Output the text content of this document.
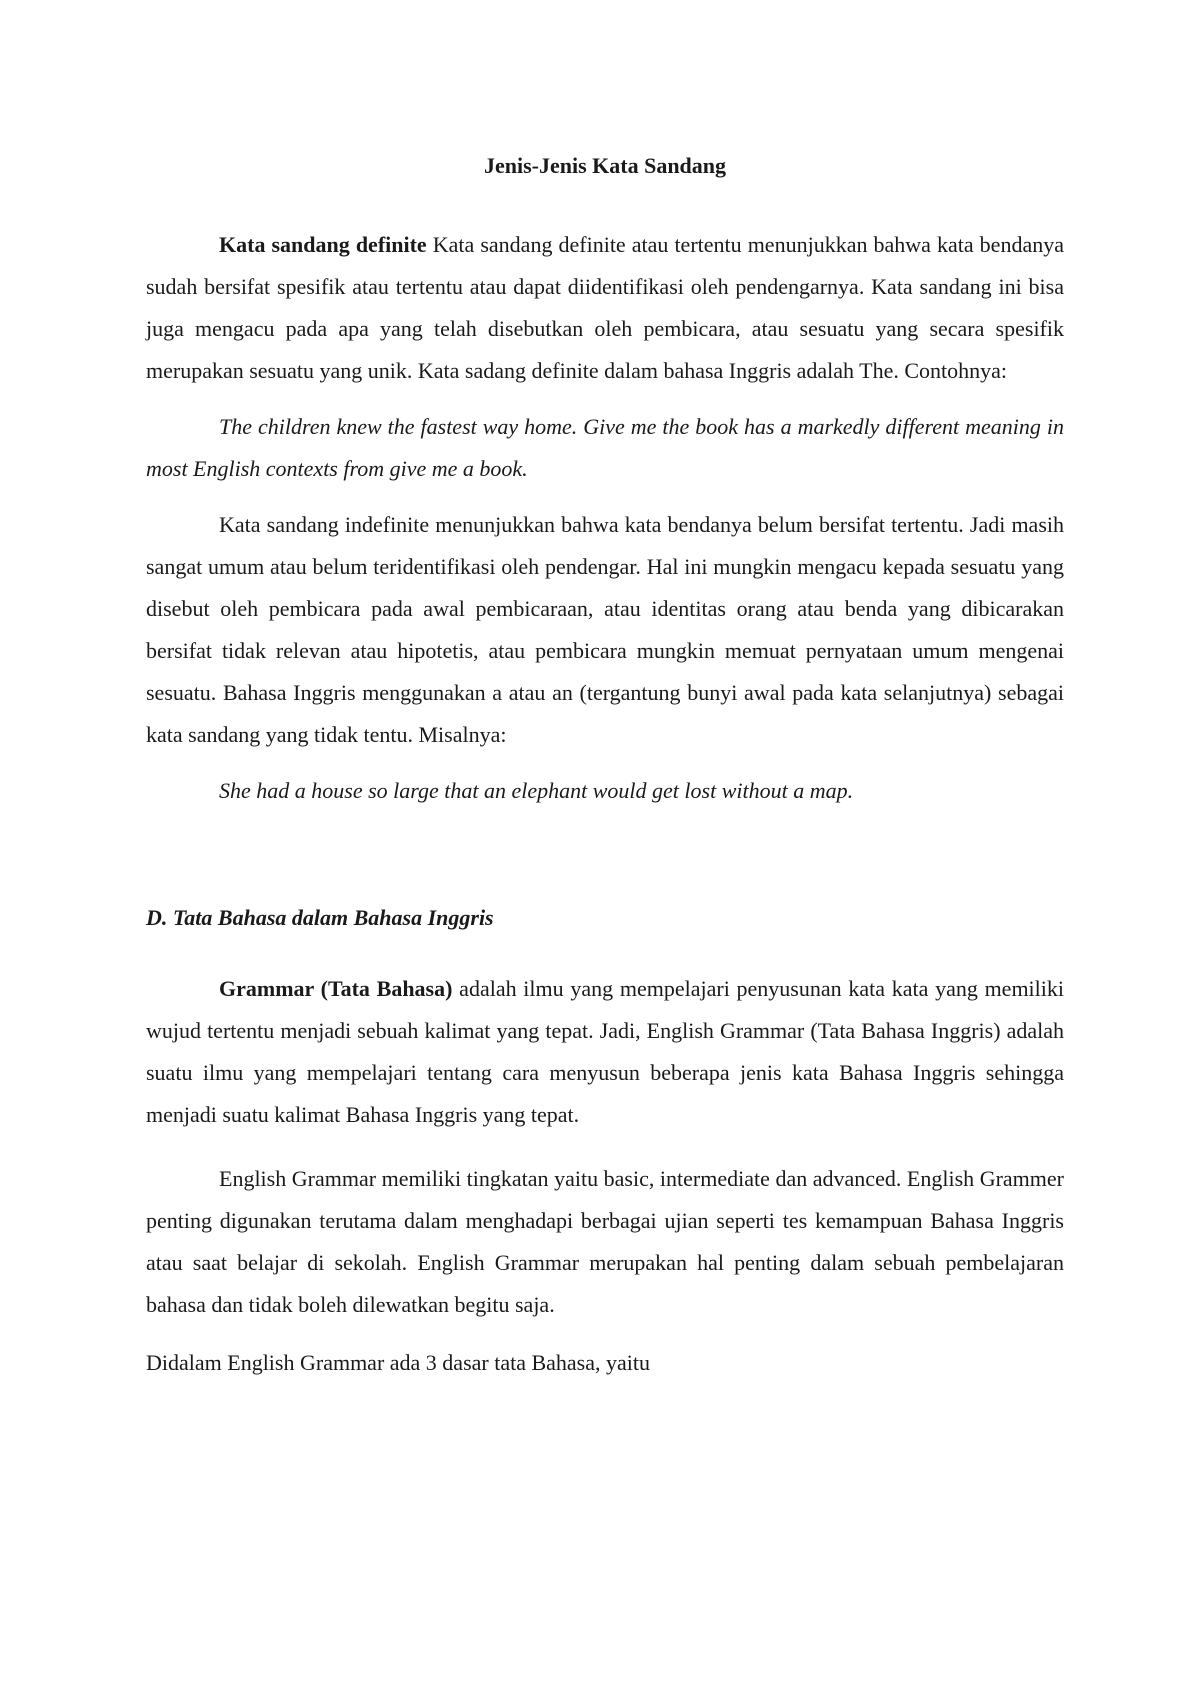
Jenis-Jenis Kata Sandang

Kata sandang definite Kata sandang definite atau tertentu menunjukkan bahwa kata bendanya sudah bersifat spesifik atau tertentu atau dapat diidentifikasi oleh pendengarnya. Kata sandang ini bisa juga mengacu pada apa yang telah disebutkan oleh pembicara, atau sesuatu yang secara spesifik merupakan sesuatu yang unik. Kata sadang definite dalam bahasa Inggris adalah The. Contohnya:

The children knew the fastest way home. Give me the book has a markedly different meaning in most English contexts from give me a book.

Kata sandang indefinite menunjukkan bahwa kata bendanya belum bersifat tertentu. Jadi masih sangat umum atau belum teridentifikasi oleh pendengar. Hal ini mungkin mengacu kepada sesuatu yang disebut oleh pembicara pada awal pembicaraan, atau identitas orang atau benda yang dibicarakan bersifat tidak relevan atau hipotetis, atau pembicara mungkin memuat pernyataan umum mengenai sesuatu. Bahasa Inggris menggunakan a atau an (tergantung bunyi awal pada kata selanjutnya) sebagai kata sandang yang tidak tentu. Misalnya:

She had a house so large that an elephant would get lost without a map.

D. Tata Bahasa dalam Bahasa Inggris

Grammar (Tata Bahasa) adalah ilmu yang mempelajari penyusunan kata kata yang memiliki wujud tertentu menjadi sebuah kalimat yang tepat. Jadi, English Grammar (Tata Bahasa Inggris) adalah suatu ilmu yang mempelajari tentang cara menyusun beberapa jenis kata Bahasa Inggris sehingga menjadi suatu kalimat Bahasa Inggris yang tepat.

English Grammar memiliki tingkatan yaitu basic, intermediate dan advanced. English Grammer penting digunakan terutama dalam menghadapi berbagai ujian seperti tes kemampuan Bahasa Inggris atau saat belajar di sekolah. English Grammar merupakan hal penting dalam sebuah pembelajaran bahasa dan tidak boleh dilewatkan begitu saja.

Didalam English Grammar ada 3 dasar tata Bahasa, yaitu
